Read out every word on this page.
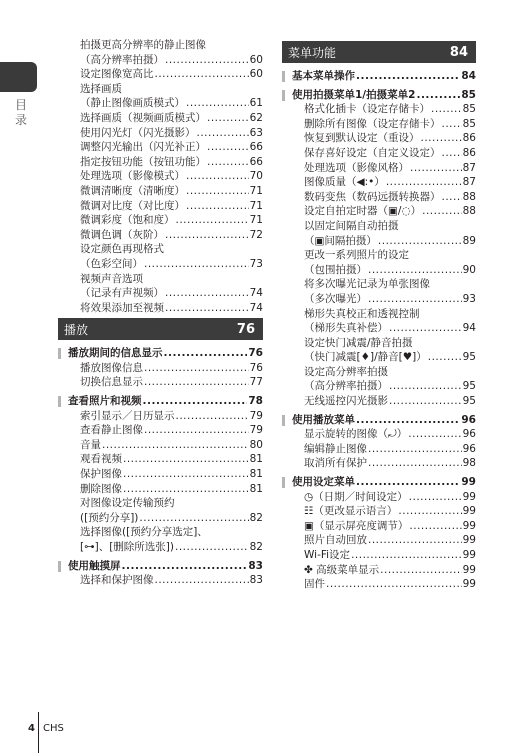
目录
拍摄更高分辨率的静止图像
（高分辨率拍摄） .....	60
设定图像宽高比 .....	60
选择画质
（静止图像画质模式） .....	61
选择画质（视频画质模式） .....	62
使用闪光灯（闪光摄影） .....	63
调整闪光输出（闪光补正） .....	66
指定按钮功能（按钮功能） .....	66
处理选项（影像模式） .....	70
微调清晰度（清晰度） .....	71
微调对比度（对比度） .....	71
微调彩度（饱和度） .....	71
微调色调（灰阶） .....	72
设定颜色再现格式
（色彩空间） .....	73
视频声音选项
（记录有声视频） .....	74
将效果添加至视频 .....	74
播放	76
播放期间的信息显示 .....	76
播放图像信息 .....	76
切换信息显示 .....	77
查看照片和视频 .....	78
索引显示／日历显示 .....	79
查看静止图像 .....	79
音量 .....	80
观看视频 .....	81
保护图像 .....	81
删除图像 .....	81
对图像设定传输预约
([预约分享]) .....	82
选择图像([预约分享选定]、
[⊶]、[删除所选张]) .....	82
使用触摸屏 .....	83
选择和保护图像 .....	83
菜单功能	84
基本菜单操作 .....	84
使用拍摄菜单1/拍摄菜单2 .....	85
格式化插卡（设定存储卡） .....	85
删除所有图像（设定存储卡） ..... 85
恢复到默认设定（重设） .....	86
保存喜好设定（自定义设定） ..... 86
处理选项（影像风格） .....	87
图像质量（◀:•） .....	87
数码变焦（数码远摄转换器） ..... 88
设定自拍定时器（▣/◌） .....	88
以固定间隔自动拍摄
（▣间隔拍摄） .....	89
更改一系列照片的设定
（包围拍摄） .....	90
将多次曝光记录为单张图像
（多次曝光） .....	93
梯形失真校正和透视控制
（梯形失真补偿） .....	94
设定快门减震/静音拍摄
（快门减震[♦]/静音[♥]） .....	95
设定高分辨率拍摄
（高分辨率拍摄） .....	95
无线遥控闪光摄影 .....	95
使用播放菜单 .....	96
显示旋转的图像（⤾） .....	96
编辑静止图像 .....	96
取消所有保护 .....	98
使用设定菜单 .....	99
◷（日期／时间设定） .....	99
☷（更改显示语言） .....	99
▣（显示屏亮度调节） .....	99
照片自动回放 .....	99
Wi-Fi设定 .....	99
✤ 高级菜单显示 .....	99
固件 .....	99
4 CHS
